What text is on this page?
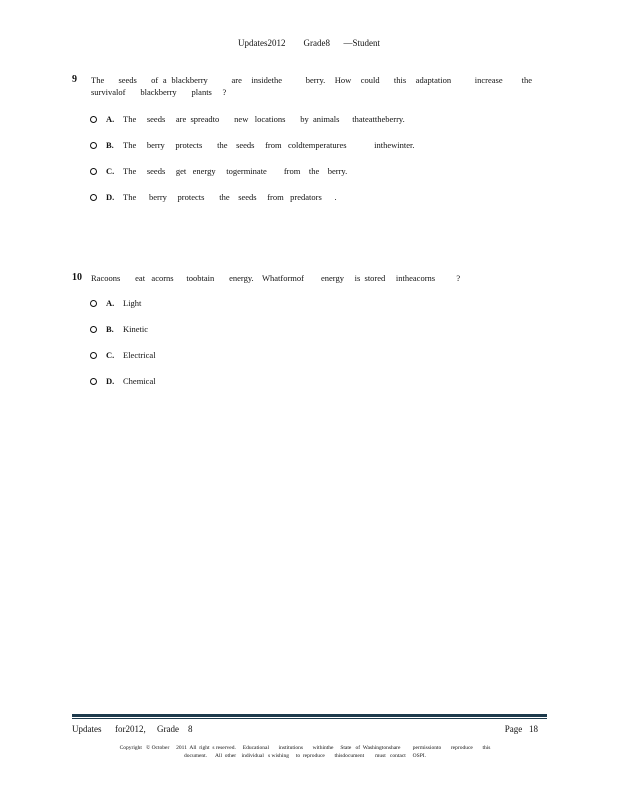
Updates2012        Grade8      —Student
9 The   seeds   of a blackberry     are  insidethe     berry.  How  could   this  adaptation     increase    the
survivalof       blackberry       plants     ?
A.	The     seeds     are  spreadto       new   locations       by  animals      thateattheberry.
B.	The     berry     protects       the    seeds     from   coldtemperatures             inthewinter.
C.	The     seeds     get   energy     togerminate        from    the    berry.
D.	The      berry     protects       the    seeds     from   predators      .
10 Racoons       eat   acorns      toobtain       energy.    Whatformof        energy     is  stored     intheacorns          ?
A.	Light
B.	Kinetic
C.	Electrical
D.	Chemical
Updates      for2012,     Grade    8	Page   18
Copyright   © October     2011  All  right  s reserved.     Educational       institutions       withinthe     State   of  Washingtonshare         permissionto       reproduce       this
document.      All  other    individual   s wishing     to  reproduce       thisdocument        must   contact     OSPI.
